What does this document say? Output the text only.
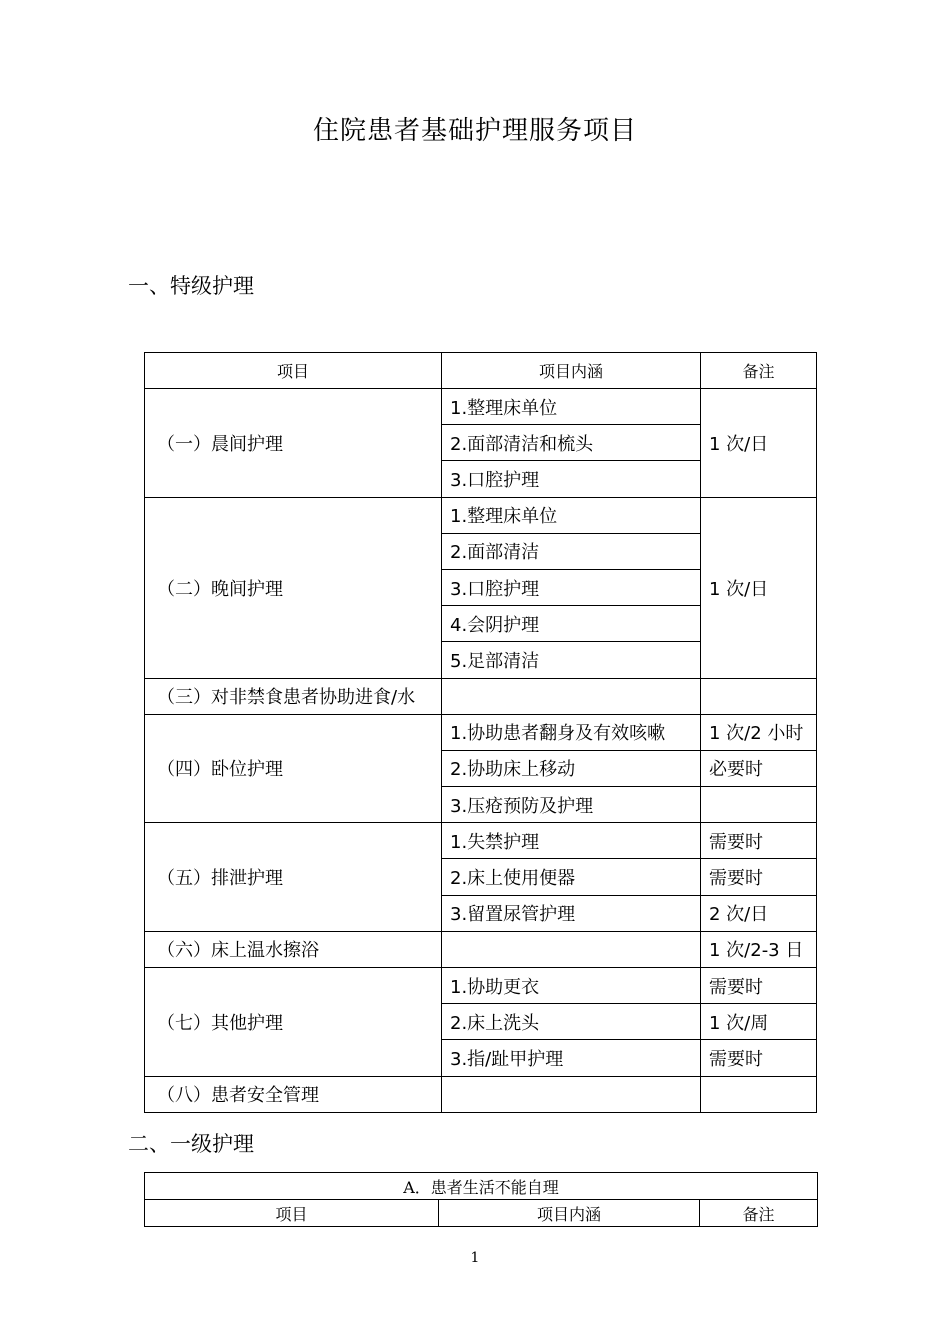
住院患者基础护理服务项目
一、特级护理
项目	项目内涵	备注
（一）晨间护理	1.整理床单位	1 次/日
	2.面部清洁和梳头	
	3.口腔护理	
（二）晚间护理	1.整理床单位	1 次/日
	2.面部清洁	
	3.口腔护理	
	4.会阴护理	
	5.足部清洁	
（三）对非禁食患者协助进食/水		
（四）卧位护理	1.协助患者翻身及有效咳嗽	1 次/2 小时
	2.协助床上移动	必要时
	3.压疮预防及护理	
（五）排泄护理	1.失禁护理	需要时
	2.床上使用便器	需要时
	3.留置尿管护理	2 次/日
（六）床上温水擦浴		1 次/2-3 日
（七）其他护理	1.协助更衣	需要时
	2.床上洗头	1 次/周
	3.指/趾甲护理	需要时
（八）患者安全管理		
二、一级护理
A．患者生活不能自理
项目	项目内涵	备注
1
